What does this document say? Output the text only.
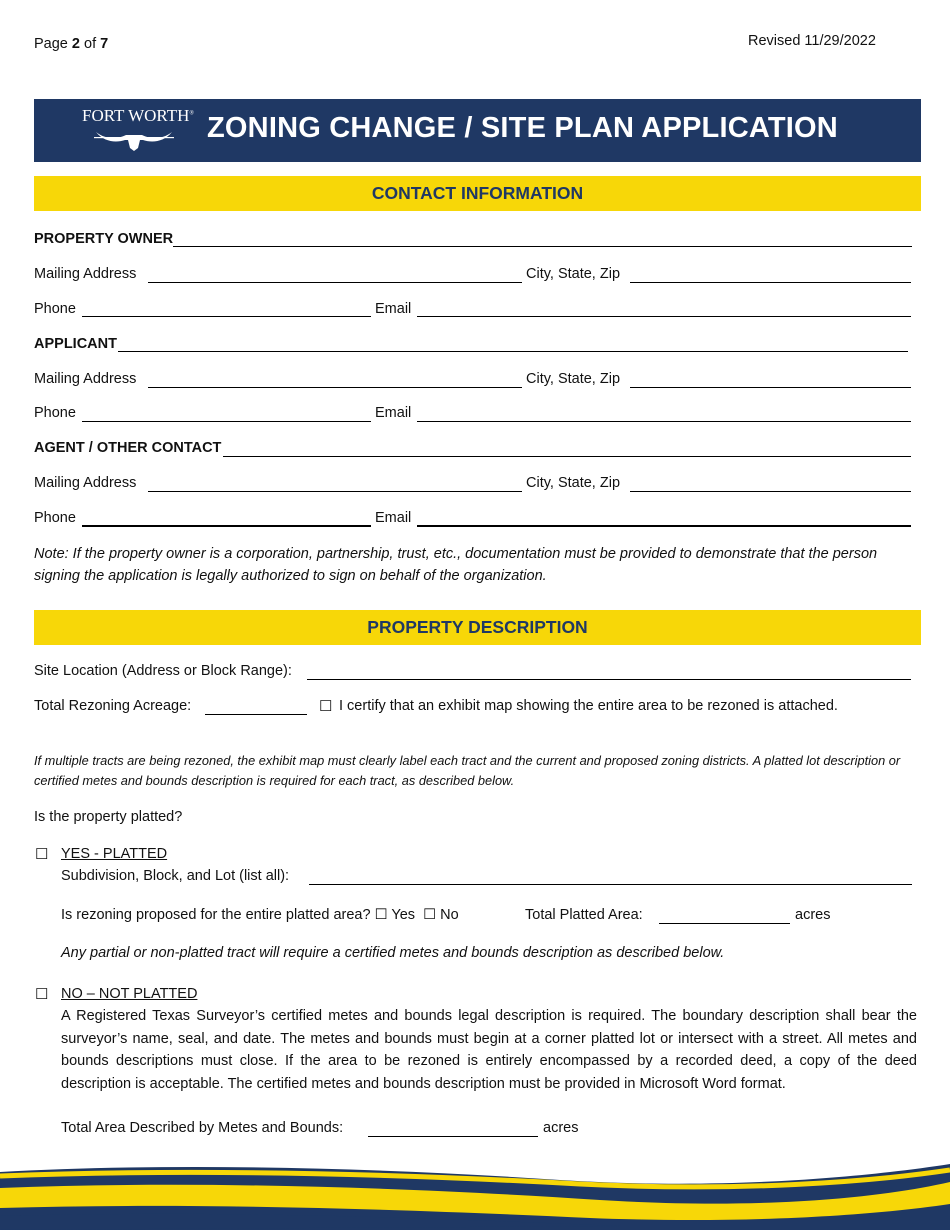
Page 2 of 7	Revised 11/29/2022
FORT WORTH® ZONING CHANGE / SITE PLAN APPLICATION
CONTACT INFORMATION
PROPERTY OWNER
Mailing Address	City, State, Zip
Phone	Email
APPLICANT
Mailing Address	City, State, Zip
Phone	Email
AGENT / OTHER CONTACT
Mailing Address	City, State, Zip
Phone	Email
Note: If the property owner is a corporation, partnership, trust, etc., documentation must be provided to demonstrate that the person signing the application is legally authorized to sign on behalf of the organization.
PROPERTY DESCRIPTION
Site Location (Address or Block Range):
Total Rezoning Acreage:	☐ I certify that an exhibit map showing the entire area to be rezoned is attached.
If multiple tracts are being rezoned, the exhibit map must clearly label each tract and the current and proposed zoning districts. A platted lot description or certified metes and bounds description is required for each tract, as described below.
Is the property platted?
☐ YES - PLATTED
Subdivision, Block, and Lot (list all):
Is rezoning proposed for the entire platted area? ☐ Yes ☐ No	Total Platted Area:	acres
Any partial or non-platted tract will require a certified metes and bounds description as described below.
☐ NO – NOT PLATTED
A Registered Texas Surveyor’s certified metes and bounds legal description is required. The boundary description shall bear the surveyor’s name, seal, and date. The metes and bounds must begin at a corner platted lot or intersect with a street. All metes and bounds descriptions must close. If the area to be rezoned is entirely encompassed by a recorded deed, a copy of the deed description is acceptable. The certified metes and bounds description must be provided in Microsoft Word format.
Total Area Described by Metes and Bounds:	acres
